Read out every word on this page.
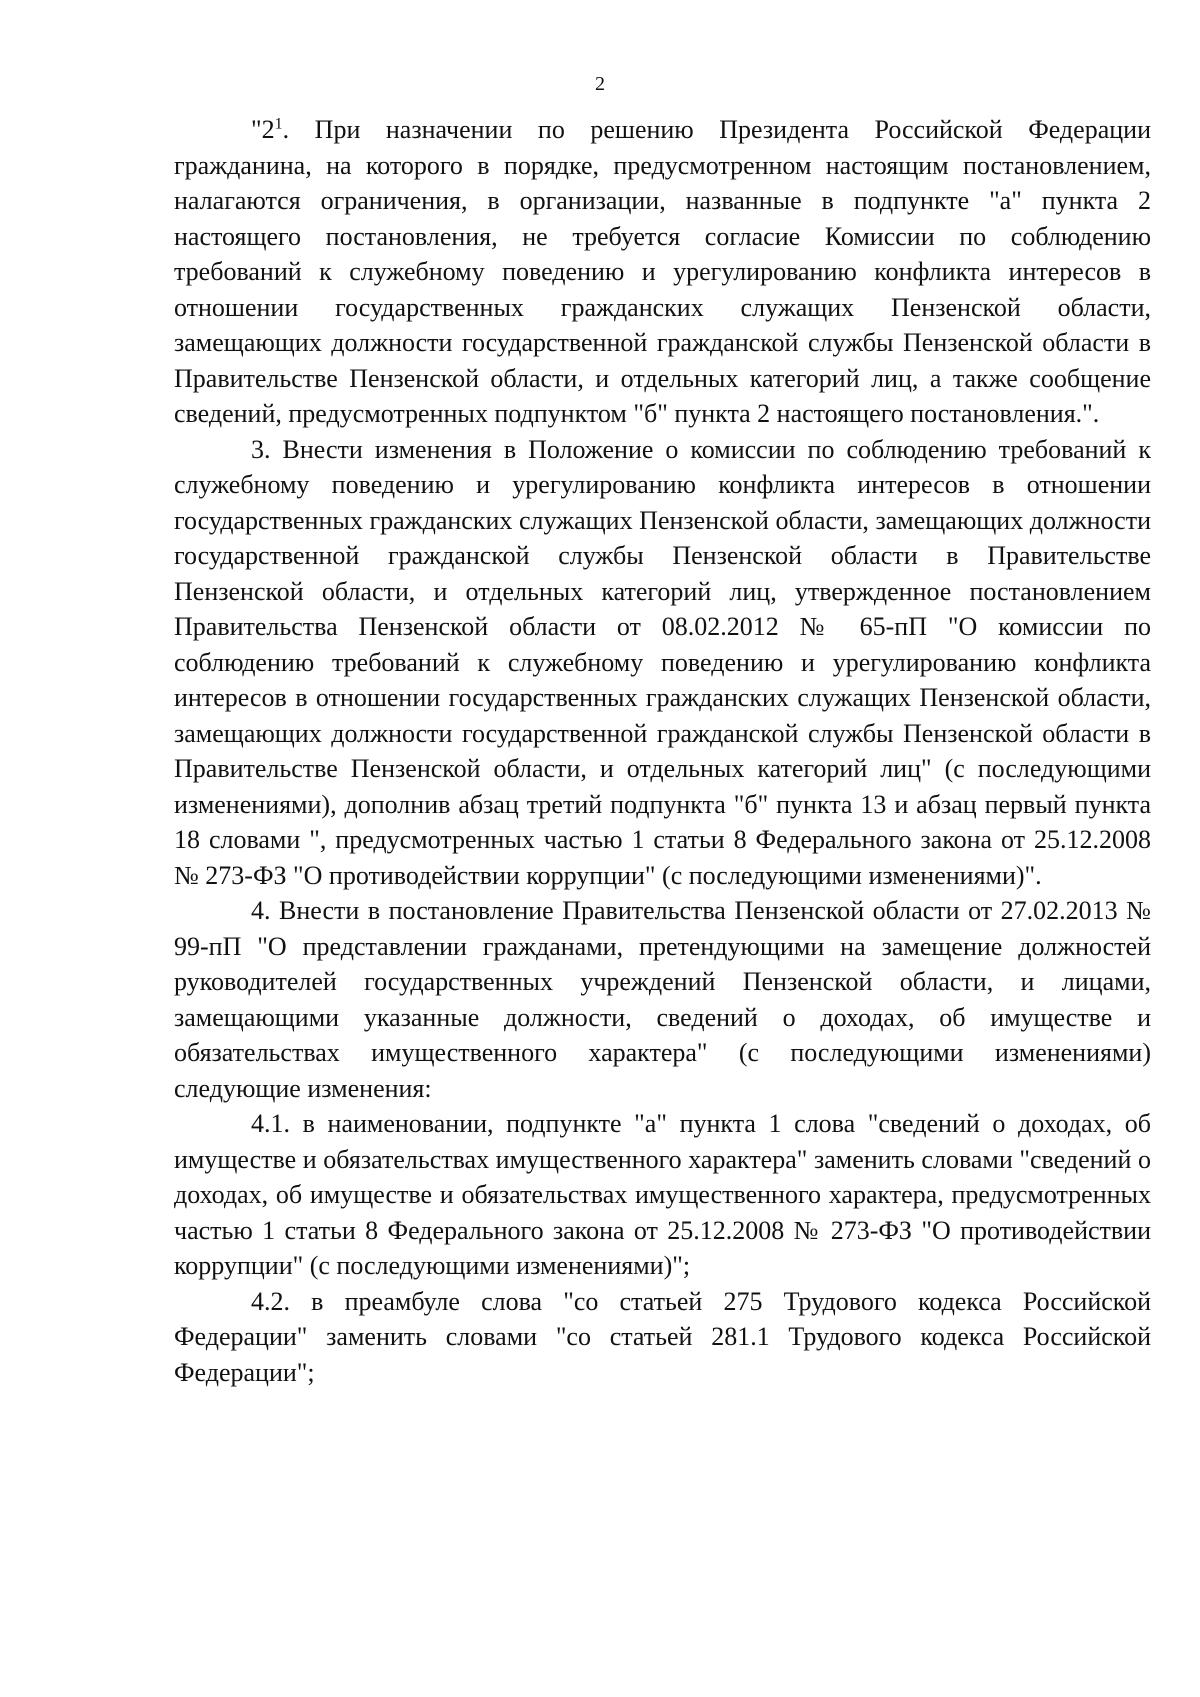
2

"$2^1$. При назначении по решению Президента Российской Федерации гражданина, на которого в порядке, предусмотренном настоящим постановлением, налагаются ограничения, в организации, названные в подпункте "а" пункта 2 настоящего постановления, не требуется согласие Комиссии по соблюдению требований к служебному поведению и урегулированию конфликта интересов в отношении государственных гражданских служащих Пензенской области, замещающих должности государственной гражданской службы Пензенской области в Правительстве Пензенской области, и отдельных категорий лиц, а также сообщение сведений, предусмотренных подпунктом "б" пункта 2 настоящего постановления.".

3. Внести изменения в Положение о комиссии по соблюдению требований к служебному поведению и урегулированию конфликта интересов в отношении государственных гражданских служащих Пензенской области, замещающих должности государственной гражданской службы Пензенской области в Правительстве Пензенской области, и отдельных категорий лиц, утвержденное постановлением Правительства Пензенской области от 08.02.2012 № 65-пП "О комиссии по соблюдению требований к служебному поведению и урегулированию конфликта интересов в отношении государственных гражданских служащих Пензенской области, замещающих должности государственной гражданской службы Пензенской области в Правительстве Пензенской области, и отдельных категорий лиц" (с последующими изменениями), дополнив абзац третий подпункта "б" пункта 13 и абзац первый пункта 18 словами ", предусмотренных частью 1 статьи 8 Федерального закона от 25.12.2008 № 273-ФЗ "О противодействии коррупции" (с последующими изменениями)".

4. Внести в постановление Правительства Пензенской области от 27.02.2013 № 99-пП "О представлении гражданами, претендующими на замещение должностей руководителей государственных учреждений Пензенской области, и лицами, замещающими указанные должности, сведений о доходах, об имуществе и обязательствах имущественного характера" (с последующими изменениями) следующие изменения:

4.1. в наименовании, подпункте "а" пункта 1 слова "сведений о доходах, об имуществе и обязательствах имущественного характера" заменить словами "сведений о доходах, об имуществе и обязательствах имущественного характера, предусмотренных частью 1 статьи 8 Федерального закона от 25.12.2008 № 273-ФЗ "О противодействии коррупции" (с последующими изменениями)";

4.2. в преамбуле слова "со статьей 275 Трудового кодекса Российской Федерации" заменить словами "со статьей 281.1 Трудового кодекса Российской Федерации";
